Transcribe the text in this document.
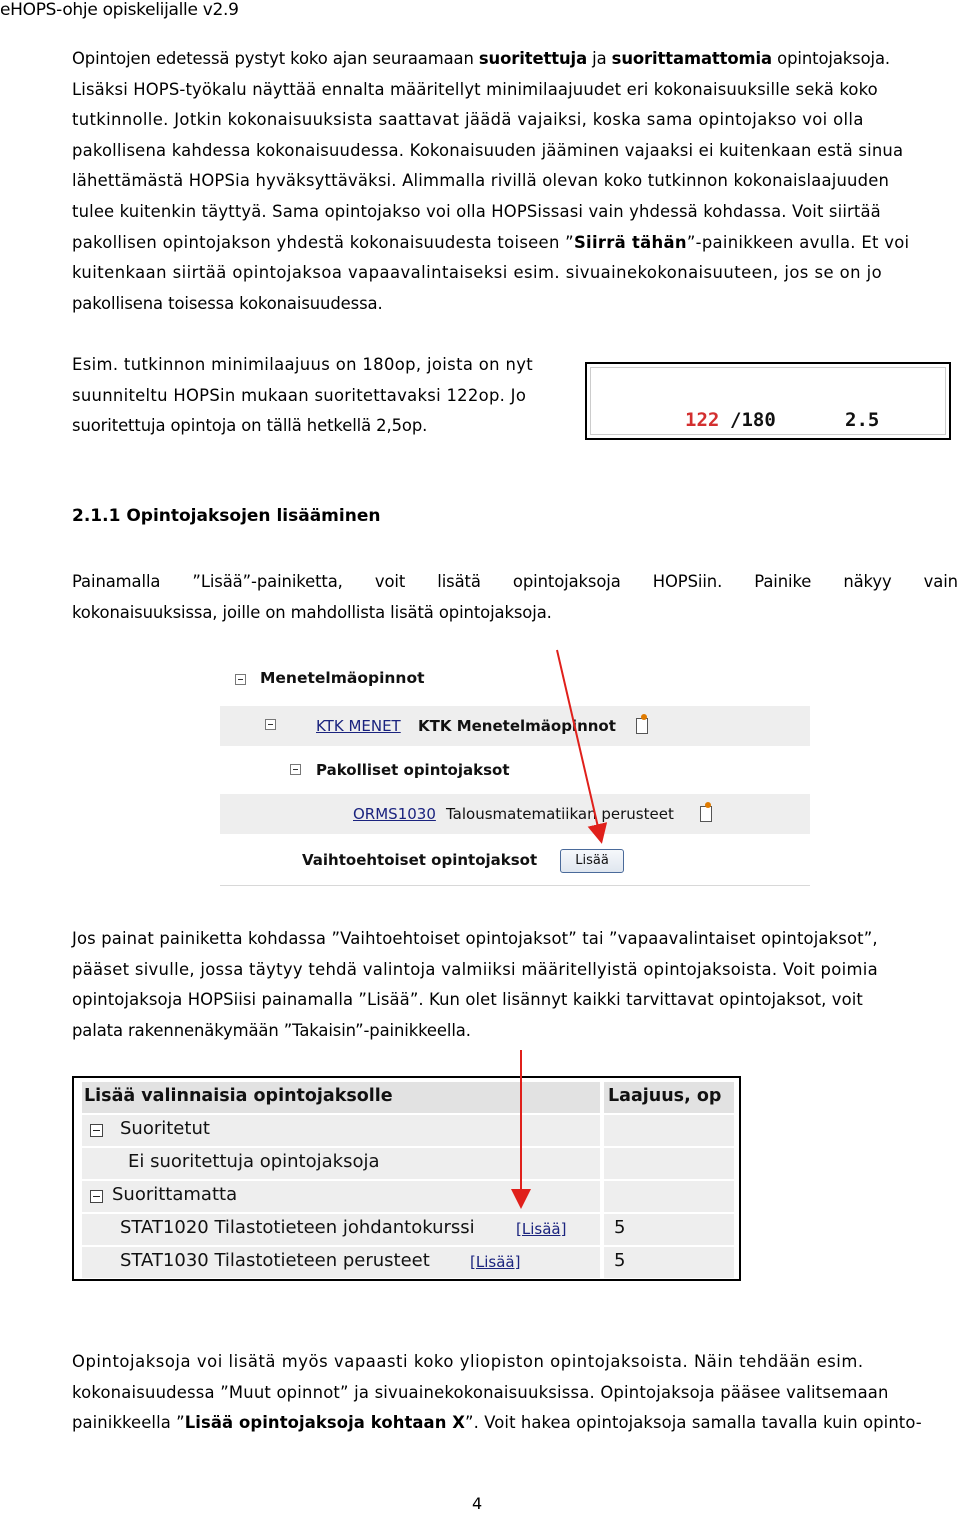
eHOPS-ohje opiskelijalle v2.9
Opintojen edetessä pystyt koko ajan seuraamaan suoritettuja ja suorittamattomia opintojaksoja.
Lisäksi HOPS-työkalu näyttää ennalta määritellyt minimilaajuudet eri kokonaisuuksille sekä koko
tutkinnolle. Jotkin kokonaisuuksista saattavat jäädä vajaiksi, koska sama opintojakso voi olla
pakollisena kahdessa kokonaisuudessa. Kokonaisuuden jääminen vajaaksi ei kuitenkaan estä sinua
lähettämästä HOPSia hyväksyttäväksi. Alimmalla rivillä olevan koko tutkinnon kokonaislaajuuden
tulee kuitenkin täyttyä. Sama opintojakso voi olla HOPSissasi vain yhdessä kohdassa. Voit siirtää
pakollisen opintojakson yhdestä kokonaisuudesta toiseen ”Siirrä tähän”-painikkeen avulla. Et voi
kuitenkaan siirtää opintojaksoa vapaavalintaiseksi esim. sivuainekokonaisuuteen, jos se on jo
pakollisena toisessa kokonaisuudessa.
Esim. tutkinnon minimilaajuus on 180op, joista on nyt
suunniteltu HOPSin mukaan suoritettavaksi 122op. Jo
suoritettuja opintoja on tällä hetkellä 2,5op.	122 /180	2.5
2.1.1 Opintojaksojen lisääminen
Painamalla ”Lisää”-painiketta, voit lisätä opintojaksoja HOPSiin. Painike näkyy vain
kokonaisuuksissa, joille on mahdollista lisätä opintojaksoja.
Menetelmäopinnot
KTK MENET KTK Menetelmäopinnot
Pakolliset opintojaksot
ORMS1030 Talousmatematiikan perusteet
Vaihtoehtoiset opintojaksot	Lisää
Jos painat painiketta kohdassa ”Vaihtoehtoiset opintojaksot” tai ”vapaavalintaiset opintojaksot”,
pääset sivulle, jossa täytyy tehdä valintoja valmiiksi määritellyistä opintojaksoista. Voit poimia
opintojaksoja HOPSiisi painamalla ”Lisää”. Kun olet lisännyt kaikki tarvittavat opintojaksot, voit
palata rakennenäkymään ”Takaisin”-painikkeella.
Lisää valinnaisia opintojaksolle	Laajuus, op
Suoritetut
Ei suoritettuja opintojaksoja
Suorittamatta
STAT1020 Tilastotieteen johdantokurssi	[Lisää]	5
STAT1030 Tilastotieteen perusteet	[Lisää]	5
Opintojaksoja voi lisätä myös vapaasti koko yliopiston opintojaksoista. Näin tehdään esim.
kokonaisuudessa ”Muut opinnot” ja sivuainekokonaisuuksissa. Opintojaksoja pääsee valitsemaan
painikkeella ”Lisää opintojaksoja kohtaan X”. Voit hakea opintojaksoja samalla tavalla kuin opinto-
4
